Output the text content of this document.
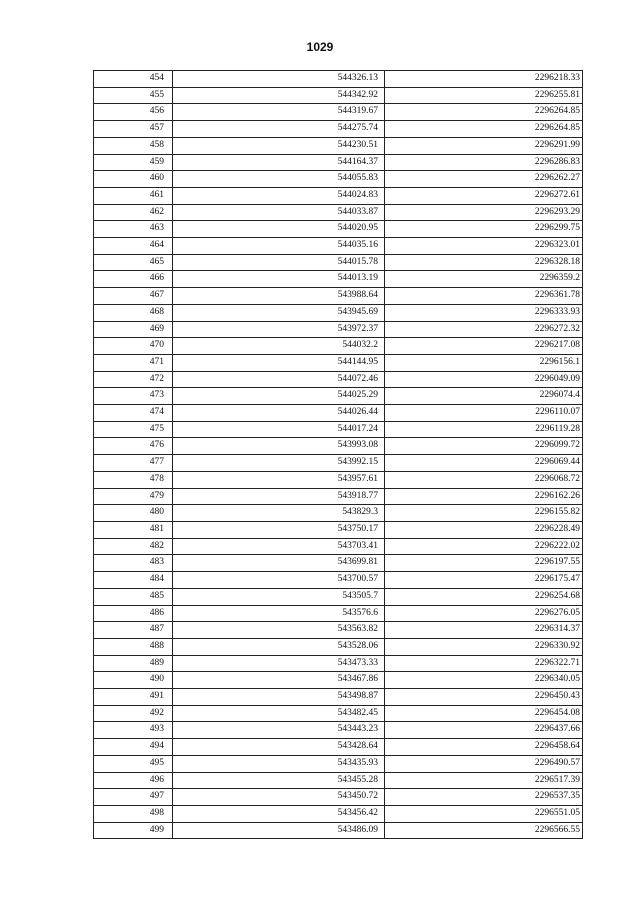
1029
454	544326.13	2296218.33
455	544342.92	2296255.81
456	544319.67	2296264.85
457	544275.74	2296264.85
458	544230.51	2296291.99
459	544164.37	2296286.83
460	544055.83	2296262.27
461	544024.83	2296272.61
462	544033.87	2296293.29
463	544020.95	2296299.75
464	544035.16	2296323.01
465	544015.78	2296328.18
466	544013.19	2296359.2
467	543988.64	2296361.78
468	543945.69	2296333.93
469	543972.37	2296272.32
470	544032.2	2296217.08
471	544144.95	2296156.1
472	544072.46	2296049.09
473	544025.29	2296074.4
474	544026.44	2296110.07
475	544017.24	2296119.28
476	543993.08	2296099.72
477	543992.15	2296069.44
478	543957.61	2296068.72
479	543918.77	2296162.26
480	543829.3	2296155.82
481	543750.17	2296228.49
482	543703.41	2296222.02
483	543699.81	2296197.55
484	543700.57	2296175.47
485	543505.7	2296254.68
486	543576.6	2296276.05
487	543563.82	2296314.37
488	543528.06	2296330.92
489	543473.33	2296322.71
490	543467.86	2296340.05
491	543498.87	2296450.43
492	543482.45	2296454.08
493	543443.23	2296437.66
494	543428.64	2296458.64
495	543435.93	2296490.57
496	543455.28	2296517.39
497	543450.72	2296537.35
498	543456.42	2296551.05
499	543486.09	2296566.55
